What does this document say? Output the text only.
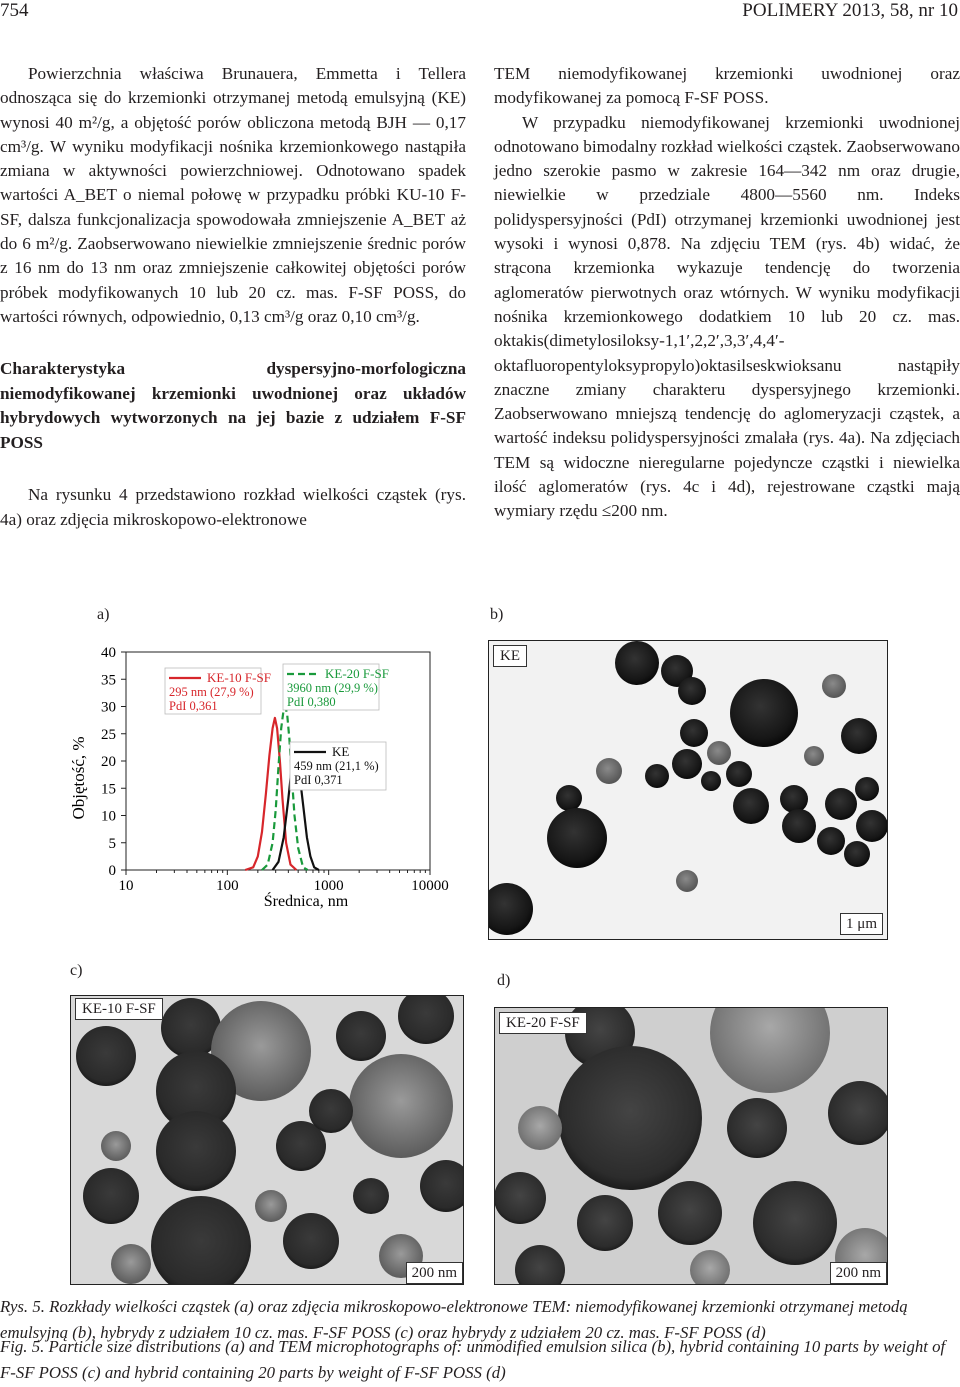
754	POLIMERY 2013, 58, nr 10

Powierzchnia właściwa Brunauera, Emmetta i Tellera odnosząca się do krzemionki otrzymanej metodą emulsyjną (KE) wynosi 40 m²/g, a objętość porów obliczona metodą BJH — 0,17 cm³/g. W wyniku modyfikacji nośnika krzemionkowego nastąpiła zmiana w aktywności powierzchniowej. Odnotowano spadek wartości A_BET o niemal połowę w przypadku próbki KU-10 F-SF, dalsza funkcjonalizacja spowodowała zmniejszenie A_BET aż do 6 m²/g. Zaobserwowano niewielkie zmniejszenie średnic porów z 16 nm do 13 nm oraz zmniejszenie całkowitej objętości porów próbek modyfikowanych 10 lub 20 cz. mas. F-SF POSS, do wartości równych, odpowiednio, 0,13 cm³/g oraz 0,10 cm³/g.

Charakterystyka dyspersyjno-morfologiczna niemodyfikowanej krzemionki uwodnionej oraz układów hybrydowych wytworzonych na jej bazie z udziałem F-SF POSS

Na rysunku 4 przedstawiono rozkład wielkości cząstek (rys. 4a) oraz zdjęcia mikroskopowo-elektronowe

TEM niemodyfikowanej krzemionki uwodnionej oraz modyfikowanej za pomocą F-SF POSS.

W przypadku niemodyfikowanej krzemionki uwodnionej odnotowano bimodalny rozkład wielkości cząstek. Zaobserwowano jedno szerokie pasmo w zakresie 164—342 nm oraz drugie, niewielkie w przedziale 4800—5560 nm. Indeks polidyspersyjności (PdI) otrzymanej krzemionki uwodnionej jest wysoki i wynosi 0,878. Na zdjęciu TEM (rys. 4b) widać, że strącona krzemionka wykazuje tendencję do tworzenia aglomeratów pierwotnych oraz wtórnych. W wyniku modyfikacji nośnika krzemionkowego dodatkiem 10 lub 20 cz. mas. oktakis(dimetylosiloksy-1,1′,2,2′,3,3′,4,4′-oktafluoropentyloksypropylo)oktasilseskwioksanu nastąpiły znaczne zmiany charakteru dyspersyjnego krzemionki. Zaobserwowano mniejszą tendencję do aglomeryzacji cząstek, a wartość indeksu polidyspersyjności zmalała (rys. 4a). Na zdjęciach TEM są widoczne nieregularne pojedyncze cząstki i niewielka ilość aglomeratów (rys. 4c i 4d), rejestrowane cząstki mają wymiary rzędu ≤200 nm.

a)	b)
c)
d)
Objętość, %
Średnica, nm
0
5
10
15
20
25
30
35
40
10	100	1000	10000
KE-10 F-SF
295 nm (27,9 %)
PdI 0,361
KE-20 F-SF
3960 nm (29,9 %)
PdI 0,380
KE
459 nm (21,1 %)
PdI 0,371
KE
1 μm
KE-10 F-SF
200 nm
KE-20 F-SF
200 nm
Rys. 5. Rozkłady wielkości cząstek (a) oraz zdjęcia mikroskopowo-elektronowe TEM: niemodyfikowanej krzemionki otrzymanej metodą emulsyjną (b), hybrydy z udziałem 10 cz. mas. F-SF POSS (c) oraz hybrydy z udziałem 20 cz. mas. F-SF POSS (d)
Fig. 5. Particle size distributions (a) and TEM microphotographs of: unmodified emulsion silica (b), hybrid containing 10 parts by weight of F-SF POSS (c) and hybrid containing 20 parts by weight of F-SF POSS (d)
